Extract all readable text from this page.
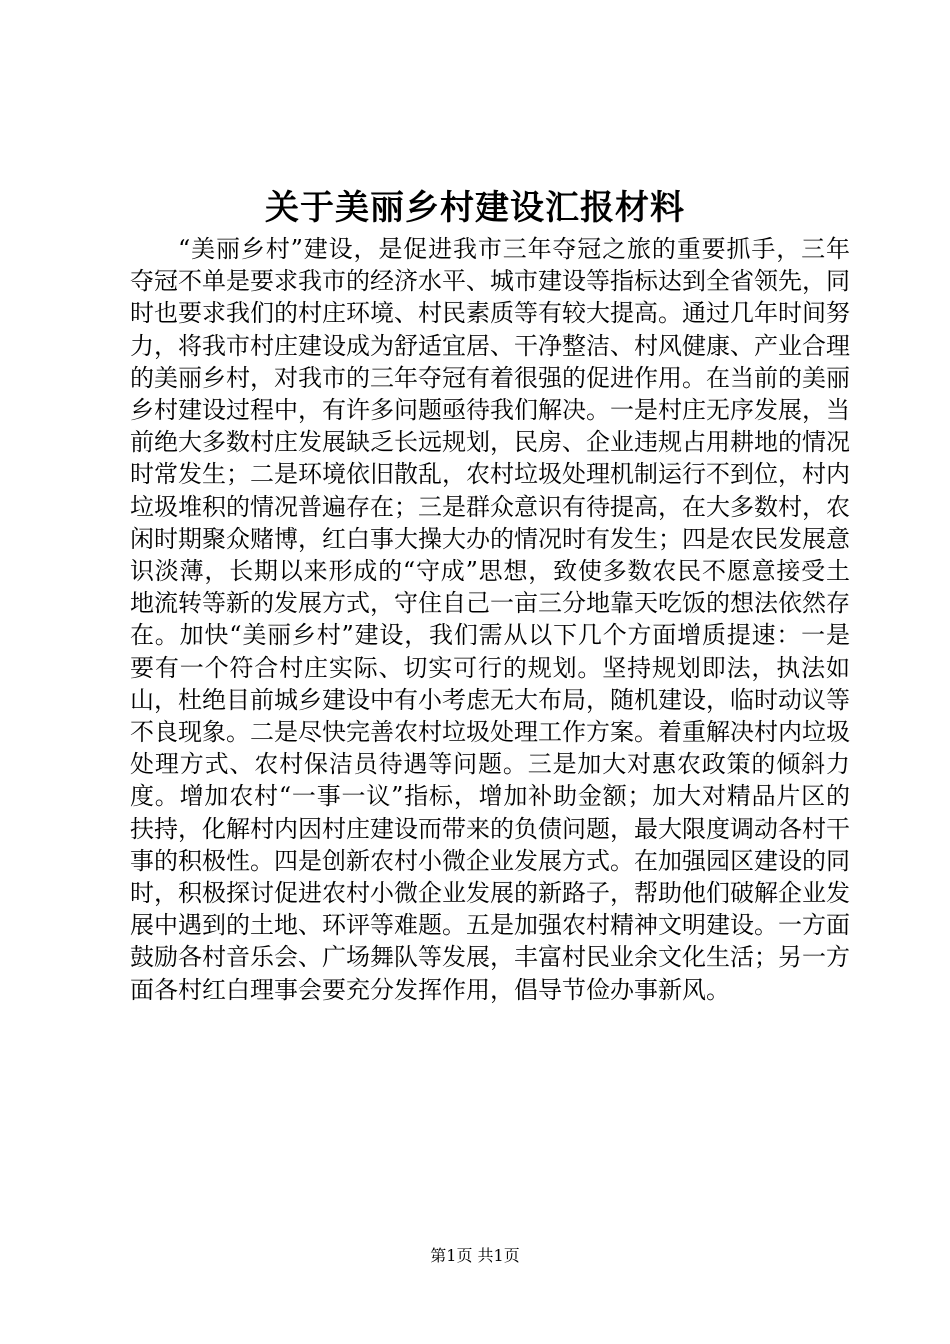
关于美丽乡村建设汇报材料

“美丽乡村”建设，是促进我市三年夺冠之旅的重要抓手，三年夺冠不单是要求我市的经济水平、城市建设等指标达到全省领先，同时也要求我们的村庄环境、村民素质等有较大提高。通过几年时间努力，将我市村庄建设成为舒适宜居、干净整洁、村风健康、产业合理的美丽乡村，对我市的三年夺冠有着很强的促进作用。在当前的美丽乡村建设过程中，有许多问题亟待我们解决。一是村庄无序发展，当前绝大多数村庄发展缺乏长远规划，民房、企业违规占用耕地的情况时常发生；二是环境依旧散乱，农村垃圾处理机制运行不到位，村内垃圾堆积的情况普遍存在；三是群众意识有待提高，在大多数村，农闲时期聚众赌博，红白事大操大办的情况时有发生；四是农民发展意识淡薄，长期以来形成的“守成”思想，致使多数农民不愿意接受土地流转等新的发展方式，守住自己一亩三分地靠天吃饭的想法依然存在。加快“美丽乡村”建设，我们需从以下几个方面增质提速：一是要有一个符合村庄实际、切实可行的规划。坚持规划即法，执法如山，杜绝目前城乡建设中有小考虑无大布局，随机建设，临时动议等不良现象。二是尽快完善农村垃圾处理工作方案。着重解决村内垃圾处理方式、农村保洁员待遇等问题。三是加大对惠农政策的倾斜力度。增加农村“一事一议”指标，增加补助金额；加大对精品片区的扶持，化解村内因村庄建设而带来的负债问题，最大限度调动各村干事的积极性。四是创新农村小微企业发展方式。在加强园区建设的同时，积极探讨促进农村小微企业发展的新路子，帮助他们破解企业发展中遇到的土地、环评等难题。五是加强农村精神文明建设。一方面鼓励各村音乐会、广场舞队等发展，丰富村民业余文化生活；另一方面各村红白理事会要充分发挥作用，倡导节俭办事新风。

第1页 共1页
